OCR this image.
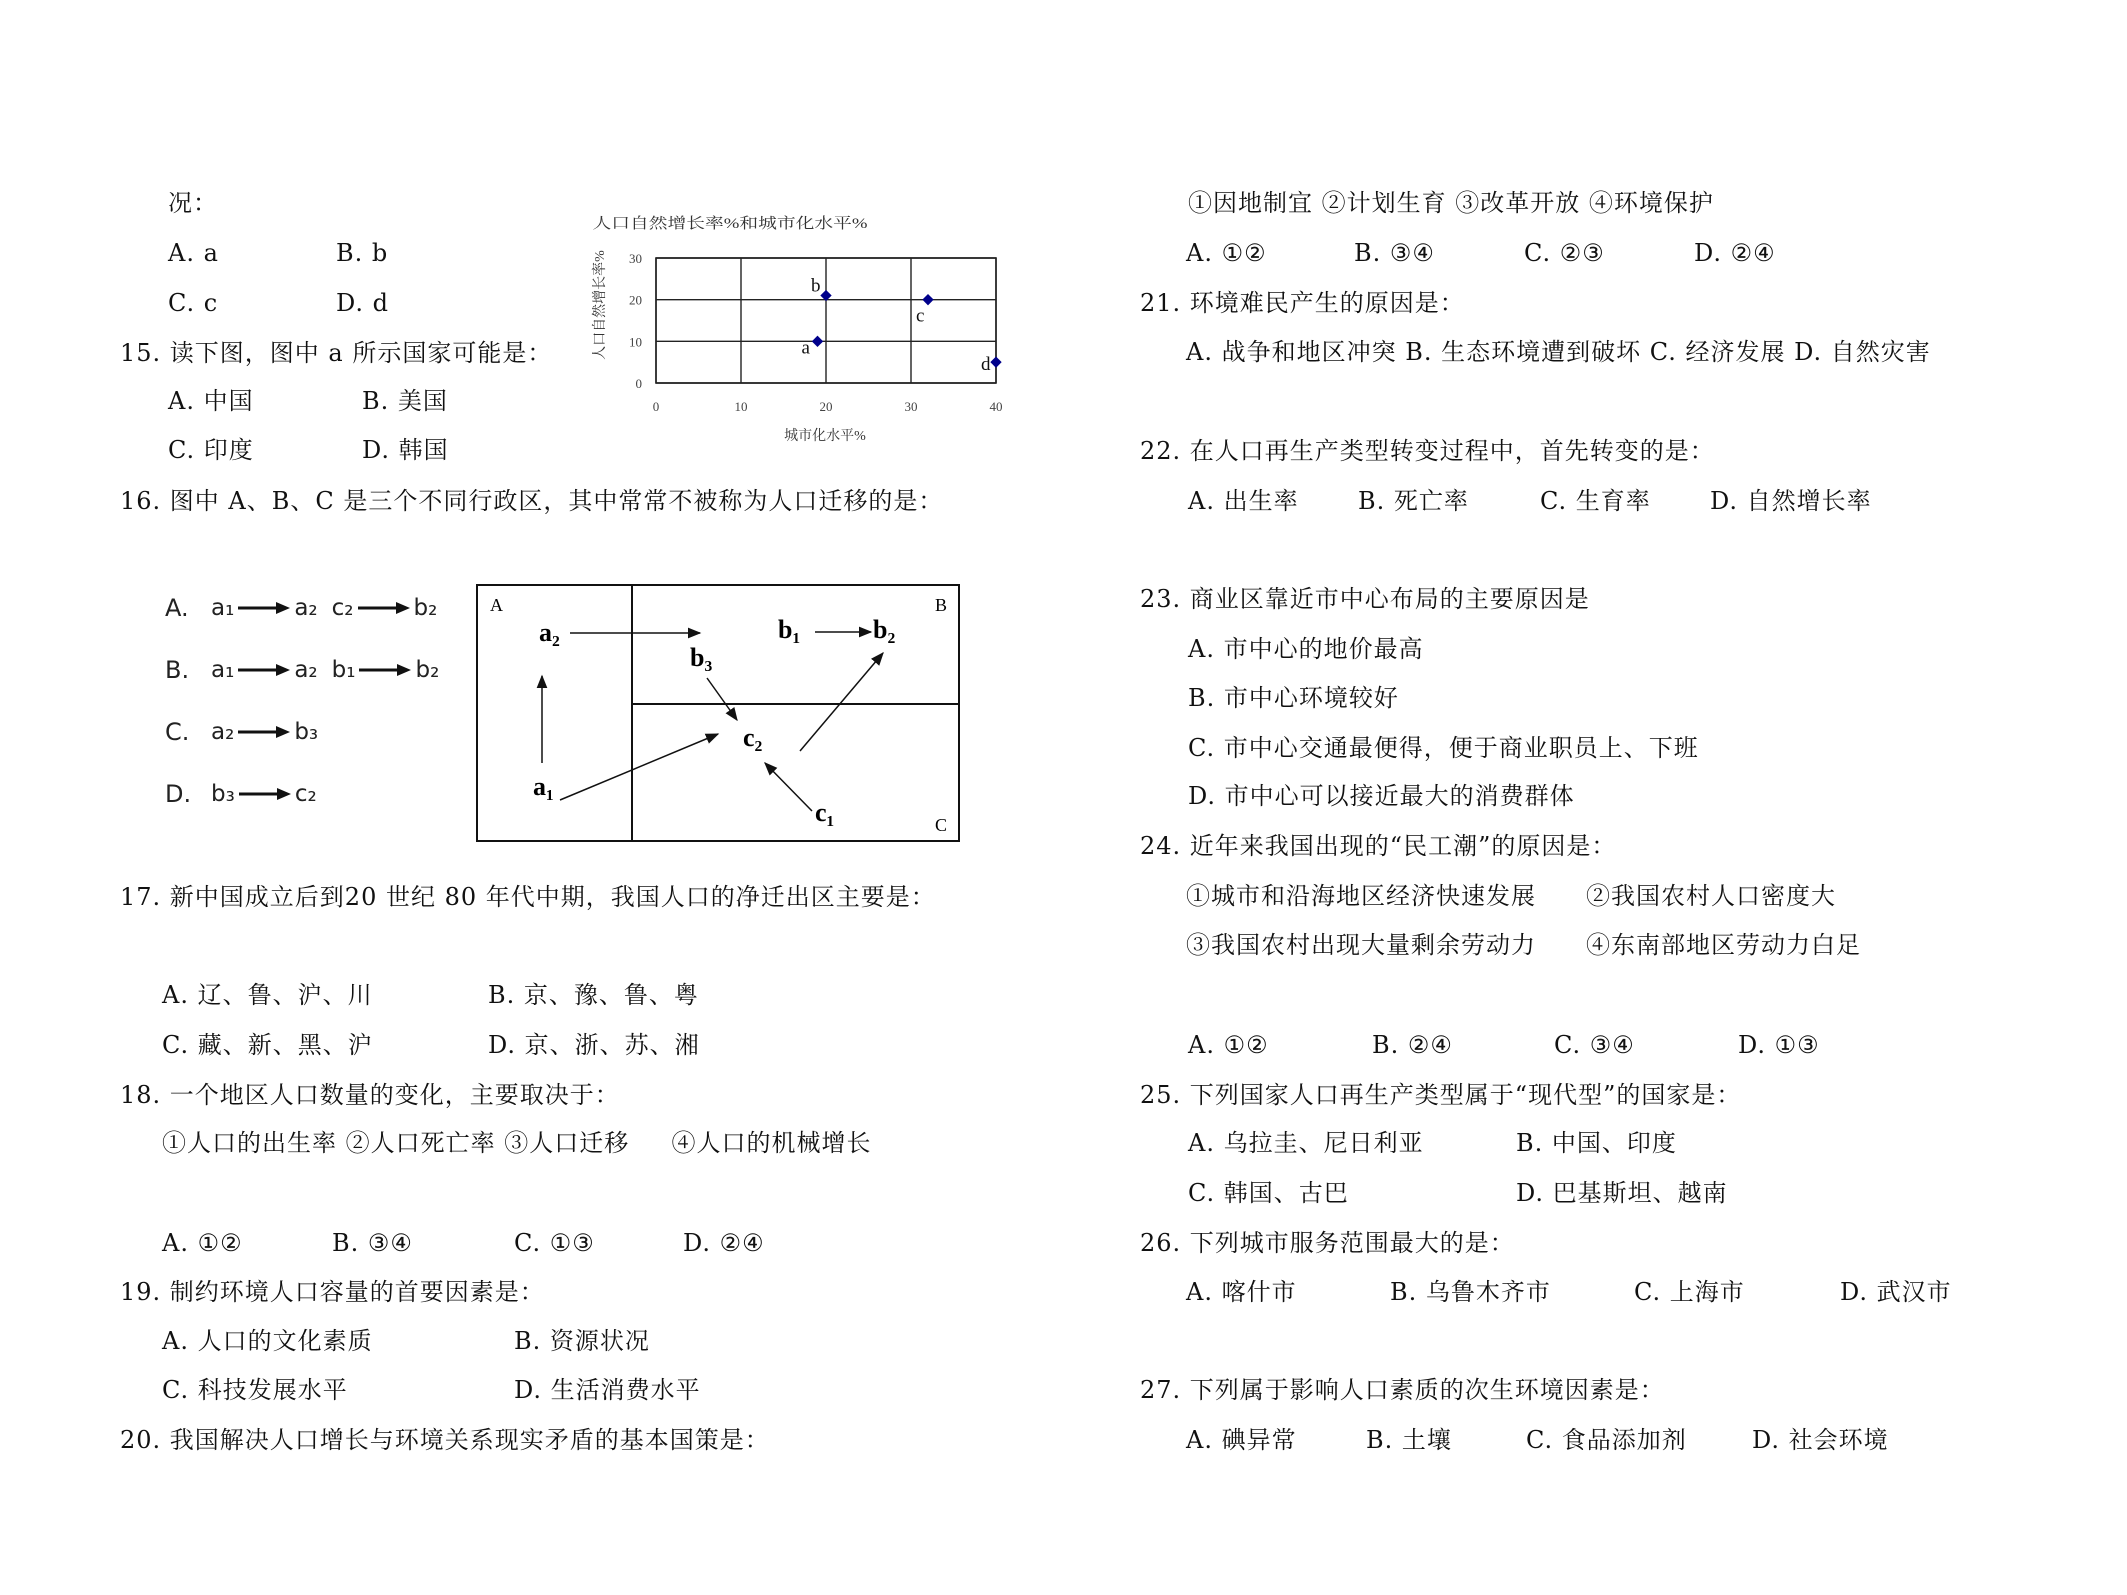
况：
A. a	B. b
C. c	D. d
15. 读下图，图中 a 所示国家可能是：
A. 中国	B. 美国
C. 印度	D. 韩国
人口自然增长率%和城市化水平%
人口自然增长率%
城市化水平%
0	10	20	30	40
0
10
20
30
b
c
a
d
16. 图中 A、B、C 是三个不同行政区，其中常常不被称为人口迁移的是：
A. a₁	a₂ c₂	b₂
B. a₁	a₂ b₁	b₂
C. a₂	b₃
D. b₃	c₂
A	B
C
a₂
b₃
b₁	b₂
c₂
a₁
c₁
17. 新中国成立后到20 世纪 80 年代中期，我国人口的净迁出区主要是：
A. 辽、鲁、沪、川	B. 京、豫、鲁、粤
C. 藏、新、黑、沪	D. 京、浙、苏、湘
18. 一个地区人口数量的变化，主要取决于：
①人口的出生率 ②人口死亡率 ③人口迁移 　 ④人口的机械增长
A. ①②	B. ③④	C. ①③	D. ②④
19. 制约环境人口容量的首要因素是：
A. 人口的文化素质	B. 资源状况
C. 科技发展水平	D. 生活消费水平
20. 我国解决人口增长与环境关系现实矛盾的基本国策是：
①因地制宜 ②计划生育 ③改革开放 ④环境保护
A. ①②	B. ③④	C. ②③	D. ②④
21. 环境难民产生的原因是：
A. 战争和地区冲突 B. 生态环境遭到破坏 C. 经济发展 D. 自然灾害
22. 在人口再生产类型转变过程中，首先转变的是：
A. 出生率 B. 死亡率	C. 生育率 D. 自然增长率
23. 商业区靠近市中心布局的主要原因是
A. 市中心的地价最高
B. 市中心环境较好
C. 市中心交通最便得，便于商业职员上、下班
D. 市中心可以接近最大的消费群体
24. 近年来我国出现的“民工潮”的原因是：
①城市和沿海地区经济快速发展 ②我国农村人口密度大
③我国农村出现大量剩余劳动力 ④东南部地区劳动力白足
A. ①②	B. ②④	C. ③④	D. ①③
25. 下列国家人口再生产类型属于“现代型”的国家是：
A. 乌拉圭、尼日利亚	B. 中国、印度
C. 韩国、古巴	D. 巴基斯坦、越南
26. 下列城市服务范围最大的是：
A. 喀什市	B. 乌鲁木齐市	C. 上海市	D. 武汉市
27. 下列属于影响人口素质的次生环境因素是：
A. 碘异常	B. 土壤	C. 食品添加剂	D. 社会环境
